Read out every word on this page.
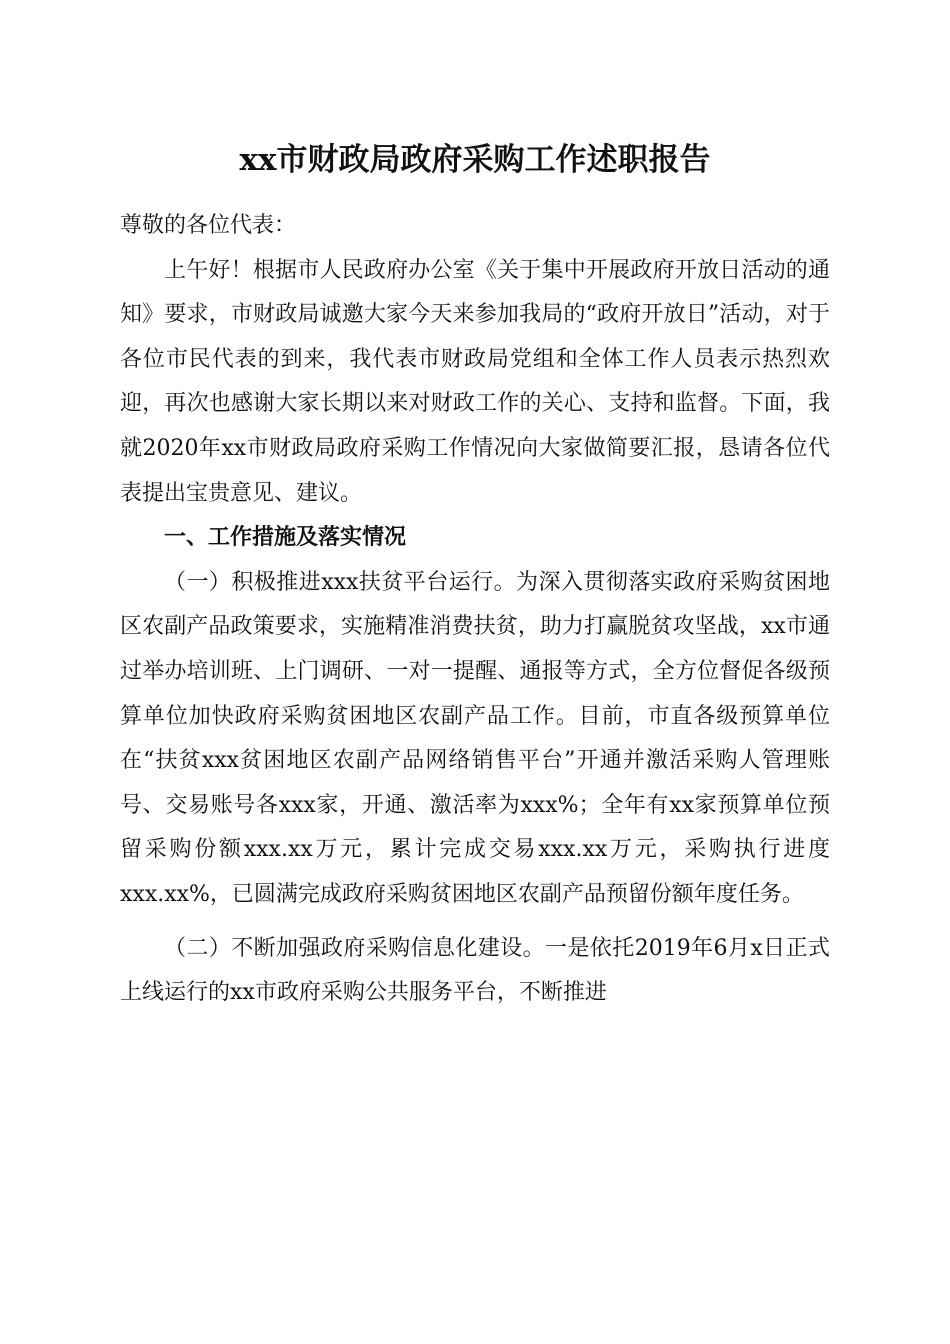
xx市财政局政府采购工作述职报告

尊敬的各位代表：

上午好！根据市人民政府办公室《关于集中开展政府开放日活动的通知》要求，市财政局诚邀大家今天来参加我局的“政府开放日”活动，对于各位市民代表的到来，我代表市财政局党组和全体工作人员表示热烈欢迎，再次也感谢大家长期以来对财政工作的关心、支持和监督。下面，我就2020年xx市财政局政府采购工作情况向大家做简要汇报，恳请各位代表提出宝贵意见、建议。

一、工作措施及落实情况

（一）积极推进xxx扶贫平台运行。为深入贯彻落实政府采购贫困地区农副产品政策要求，实施精准消费扶贫，助力打赢脱贫攻坚战，xx市通过举办培训班、上门调研、一对一提醒、通报等方式，全方位督促各级预算单位加快政府采购贫困地区农副产品工作。目前，市直各级预算单位在“扶贫xxx贫困地区农副产品网络销售平台”开通并激活采购人管理账号、交易账号各xxx家，开通、激活率为xxx%；全年有xx家预算单位预留采购份额xxx.xx万元，累计完成交易xxx.xx万元，采购执行进度xxx.xx%，已圆满完成政府采购贫困地区农副产品预留份额年度任务。

（二）不断加强政府采购信息化建设。一是依托2019年6月x日正式上线运行的xx市政府采购公共服务平台，不断推进
